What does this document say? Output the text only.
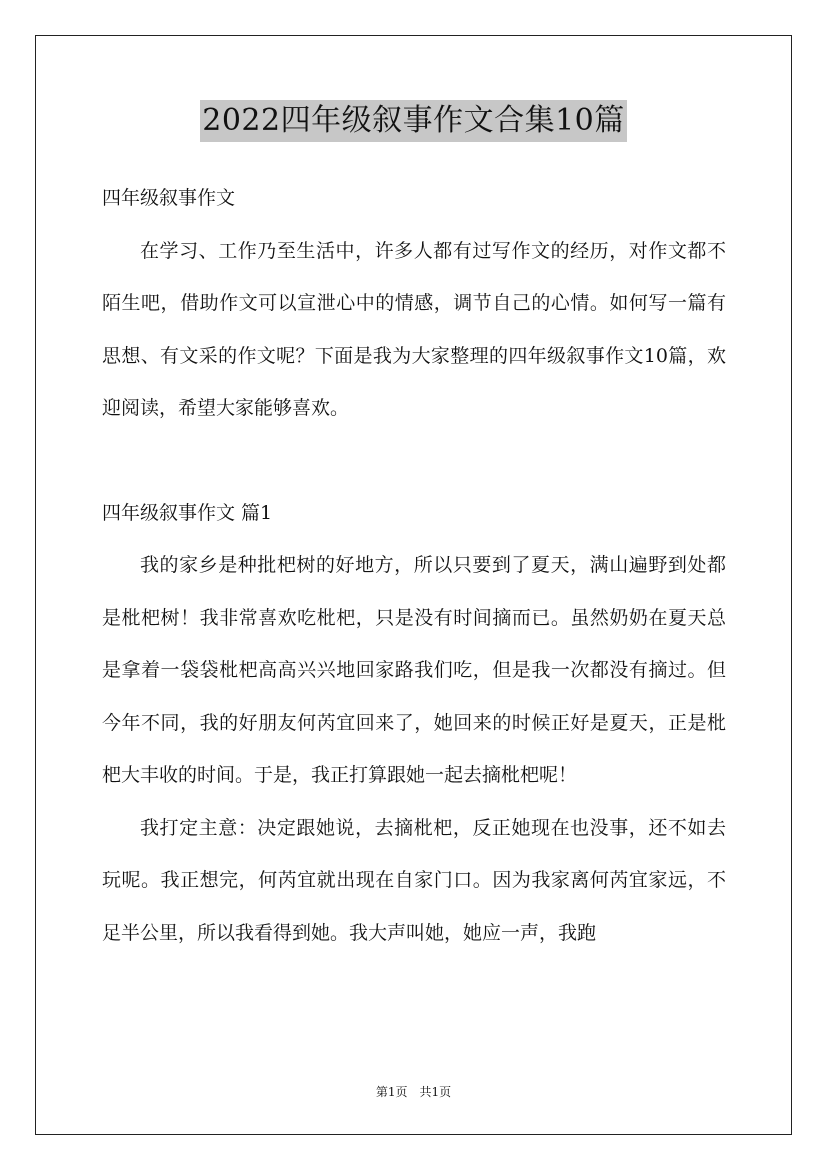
2022四年级叙事作文合集10篇

四年级叙事作文

在学习、工作乃至生活中，许多人都有过写作文的经历，对作文都不陌生吧，借助作文可以宣泄心中的情感，调节自己的心情。如何写一篇有思想、有文采的作文呢？下面是我为大家整理的四年级叙事作文10篇，欢迎阅读，希望大家能够喜欢。

四年级叙事作文 篇1

我的家乡是种批杷树的好地方，所以只要到了夏天，满山遍野到处都是枇杷树！我非常喜欢吃枇杷，只是没有时间摘而已。虽然奶奶在夏天总是拿着一袋袋枇杷高高兴兴地回家路我们吃，但是我一次都没有摘过。但今年不同，我的好朋友何芮宜回来了，她回来的时候正好是夏天，正是枇杷大丰收的时间。于是，我正打算跟她一起去摘枇杷呢！

我打定主意：决定跟她说，去摘枇杷，反正她现在也没事，还不如去玩呢。我正想完，何芮宜就出现在自家门口。因为我家离何芮宜家远，不足半公里，所以我看得到她。我大声叫她，她应一声，我跑

第1页　共1页
